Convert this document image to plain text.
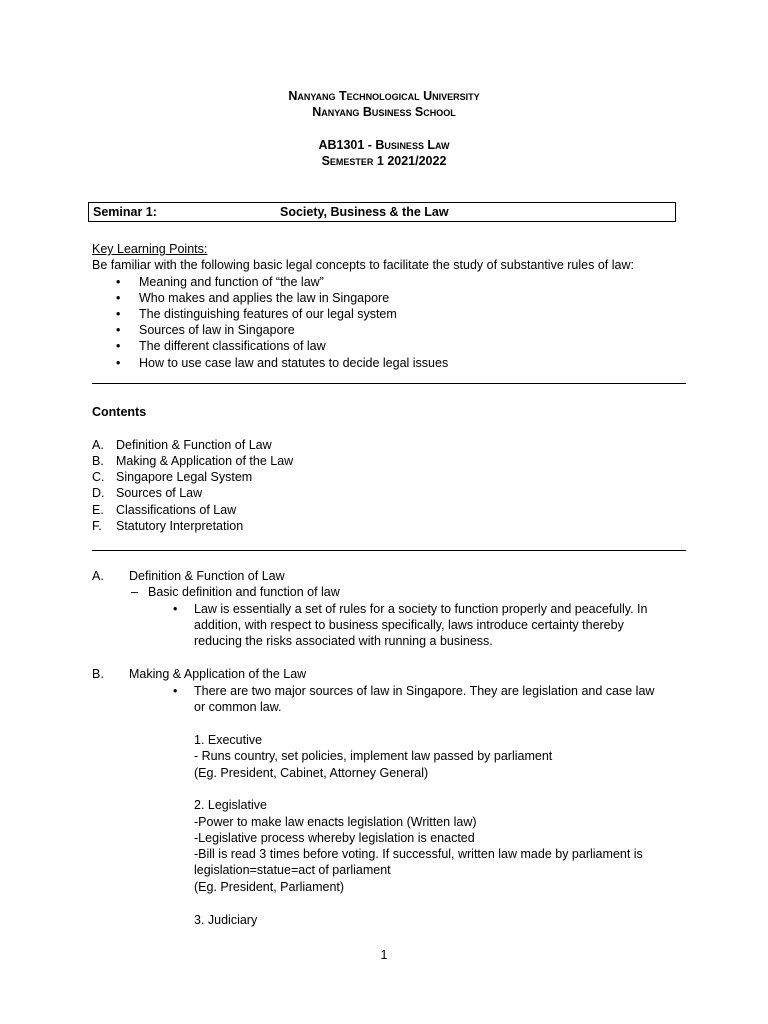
Nanyang Technological University
Nanyang Business School
AB1301 - Business Law
Semester 1 2021/2022
Seminar 1:	Society, Business & the Law
Key Learning Points:
Be familiar with the following basic legal concepts to facilitate the study of substantive rules of law:
• Meaning and function of “the law”
• Who makes and applies the law in Singapore
• The distinguishing features of our legal system
• Sources of law in Singapore
• The different classifications of law
• How to use case law and statutes to decide legal issues
Contents
A. Definition & Function of Law
B. Making & Application of the Law
C. Singapore Legal System
D. Sources of Law
E. Classifications of Law
F. Statutory Interpretation
A. Definition & Function of Law
– Basic definition and function of law
• Law is essentially a set of rules for a society to function properly and peacefully. In
addition, with respect to business specifically, laws introduce certainty thereby
reducing the risks associated with running a business.
B. Making & Application of the Law
• There are two major sources of law in Singapore. They are legislation and case law
or common law.
1. Executive
- Runs country, set policies, implement law passed by parliament
(Eg. President, Cabinet, Attorney General)
2. Legislative
-Power to make law enacts legislation (Written law)
-Legislative process whereby legislation is enacted
-Bill is read 3 times before voting. If successful, written law made by parliament is
legislation=statue=act of parliament
(Eg. President, Parliament)
3. Judiciary
1
